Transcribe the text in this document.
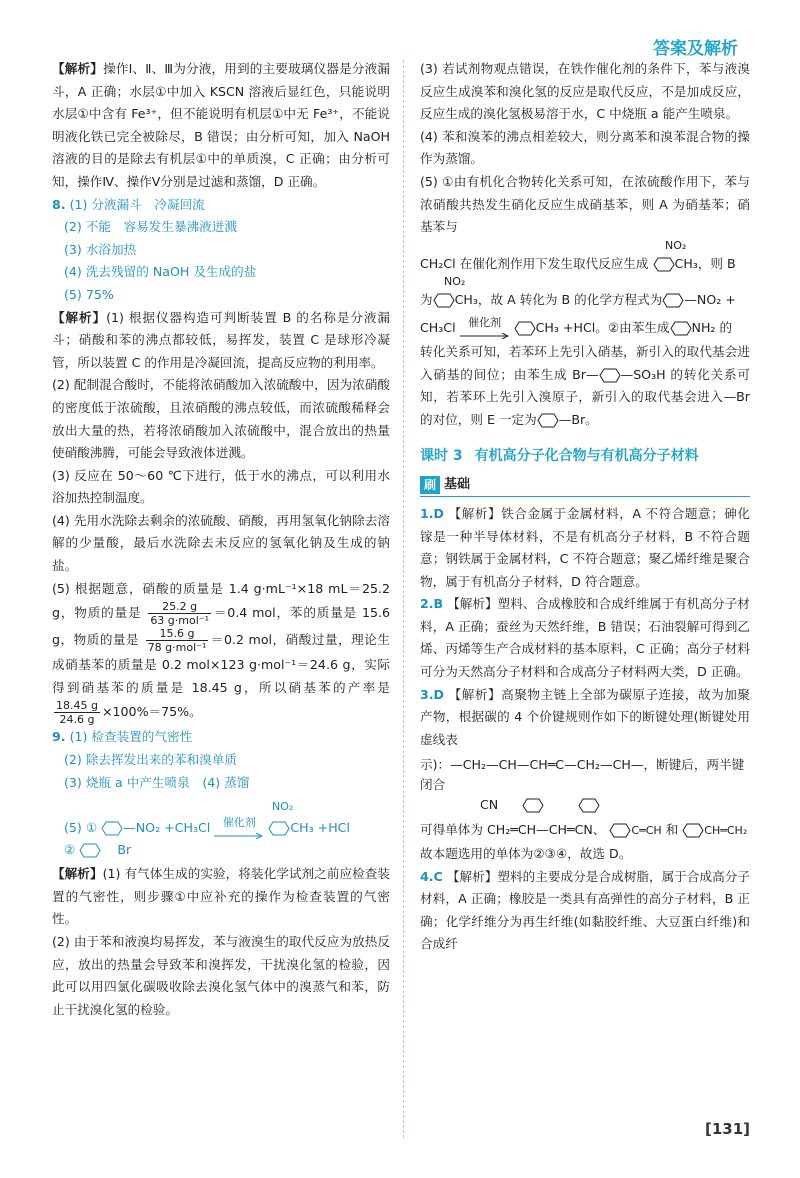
答案及解析

【解析】操作Ⅰ、Ⅱ、Ⅲ为分液，用到的主要玻璃仪器是分液漏斗，A 正确；水层①中加入 KSCN 溶液后显红色，只能说明水层①中含有 Fe³⁺，但不能说明有机层①中无 Fe³⁺，不能说明液化铁已完全被除尽，B 错误；由分析可知，加入 NaOH 溶液的目的是除去有机层①中的单质溴，C 正确；由分析可知，操作Ⅳ、操作Ⅴ分别是过滤和蒸馏，D 正确。

8. (1) 分液漏斗　冷凝回流

(2) 不能　容易发生暴沸液迸溅

(3) 水浴加热

(4) 洗去残留的 NaOH 及生成的盐

(5) 75%

【解析】(1) 根据仪器构造可判断装置 B 的名称是分液漏斗；硝酸和苯的沸点都较低，易挥发，装置 C 是球形冷凝管，所以装置 C 的作用是冷凝回流，提高反应物的利用率。

(2) 配制混合酸时，不能将浓硝酸加入浓硫酸中，因为浓硝酸的密度低于浓硫酸，且浓硝酸的沸点较低，而浓硫酸稀释会放出大量的热，若将浓硝酸加入浓硫酸中，混合放出的热量使硝酸沸腾，可能会导致液体迸溅。

(3) 反应在 50～60 ℃下进行，低于水的沸点，可以利用水浴加热控制温度。

(4) 先用水洗除去剩余的浓硫酸、硝酸，再用氢氧化钠除去溶解的少量酸，最后水洗除去未反应的氢氧化钠及生成的钠盐。

(5) 根据题意，硝酸的质量是 1.4 g·mL⁻¹×18 mL＝25.2 g，物质的量是 $\frac{25.2 g}{\text{63 g·mol⁻¹}} =0.4$ mol，苯的质量是 15.6 g，物质的量是 $\frac{15.6 g}{\text{78 g·mol⁻¹}} =0.2$ mol，硝酸过量，理论生成硝基苯的质量是 0.2 mol×123 g·mol⁻¹＝24.6 g，实际得到硝基苯的质量是 18.45 g，所以硝基苯的产率是
$\frac{18.45 g}{24.6 g} \times 100\%=75\%$。

9. (1) 检查装置的气密性

(2) 除去挥发出来的苯和溴单质

(3) 烧瓶 a 中产生喷泉　(4) 蒸馏

NO₂
(5) ① —NO₂ +CH₃Cl 催化剂	CH₃ +HCl
②	Br

【解析】(1) 有气体生成的实验，将装化学试剂之前应检查装置的气密性，则步骤①中应补充的操作为检查装置的气密性。

(2) 由于苯和液溴均易挥发，苯与液溴生的取代反应为放热反应，放出的热量会导致苯和溴挥发，干扰溴化氢的检验，因此可以用四氯化碳吸收除去溴化氢气体中的溴蒸气和苯，防止干扰溴化氢的检验。

(3) 若试剂物观点错误，在铁作催化剂的条件下，苯与液溴反应生成溴苯和溴化氢的反应是取代反应，不是加成反应，反应生成的溴化氢极易溶于水，C 中烧瓶 a 能产生喷泉。

(4) 苯和溴苯的沸点相差较大，则分离苯和溴苯混合物的操作为蒸馏。

(5) ①由有机化合物转化关系可知，在浓硫酸作用下，苯与浓硝酸共热发生硝化反应生成硝基苯，则 A 为硝基苯；硝基苯与

NO₂

CH₂Cl 在催化剂作用下发生取代反应生成 CH₃，则 B

NO₂

为 CH₃，故 A 转化为 B 的化学方程式为 —NO₂ +

CH₃Cl 催化剂	CH₃ +HCl。②由苯生成 NH₂ 的

转化关系可知，若苯环上先引入硝基，新引入的取代基会进入硝基的间位；由苯生成 Br— —SO₃H 的转化关系可知，若苯环上先引入溴原子，新引入的取代基会进入—Br 的对位，则 E 一定为 —Br。

课时 3 有机高分子化合物与有机高分子材料
刷 基础

1.D 【解析】铁合金属于金属材料，A 不符合题意；砷化镓是一种半导体材料，不是有机高分子材料，B 不符合题意；钢铁属于金属材料，C 不符合题意；聚乙烯纤维是聚合物，属于有机高分子材料，D 符合题意。

2.B 【解析】塑料、合成橡胶和合成纤维属于有机高分子材料，A 正确；蚕丝为天然纤维，B 错误；石油裂解可得到乙烯、丙烯等生产合成材料的基本原料，C 正确；高分子材料可分为天然高分子材料和合成高分子材料两大类，D 正确。

3.D 【解析】高聚物主链上全部为碳原子连接，故为加聚产物，根据碳的 4 个价键规则作如下的断键处理(断键处用虚线表

示)：—CH₂—CH—CH═C—CH₂—CH—，断键后，两半键闭合
CN

可得单体为 CH₂═CH—CH═CN、 C═CH 和 CH═CH₂

故本题选用的单体为②③④，故选 D。

4.C 【解析】塑料的主要成分是合成树脂，属于合成高分子材料，A 正确；橡胶是一类具有高弹性的高分子材料，B 正确；化学纤维分为再生纤维(如黏胶纤维、大豆蛋白纤维)和合成纤

[131]
